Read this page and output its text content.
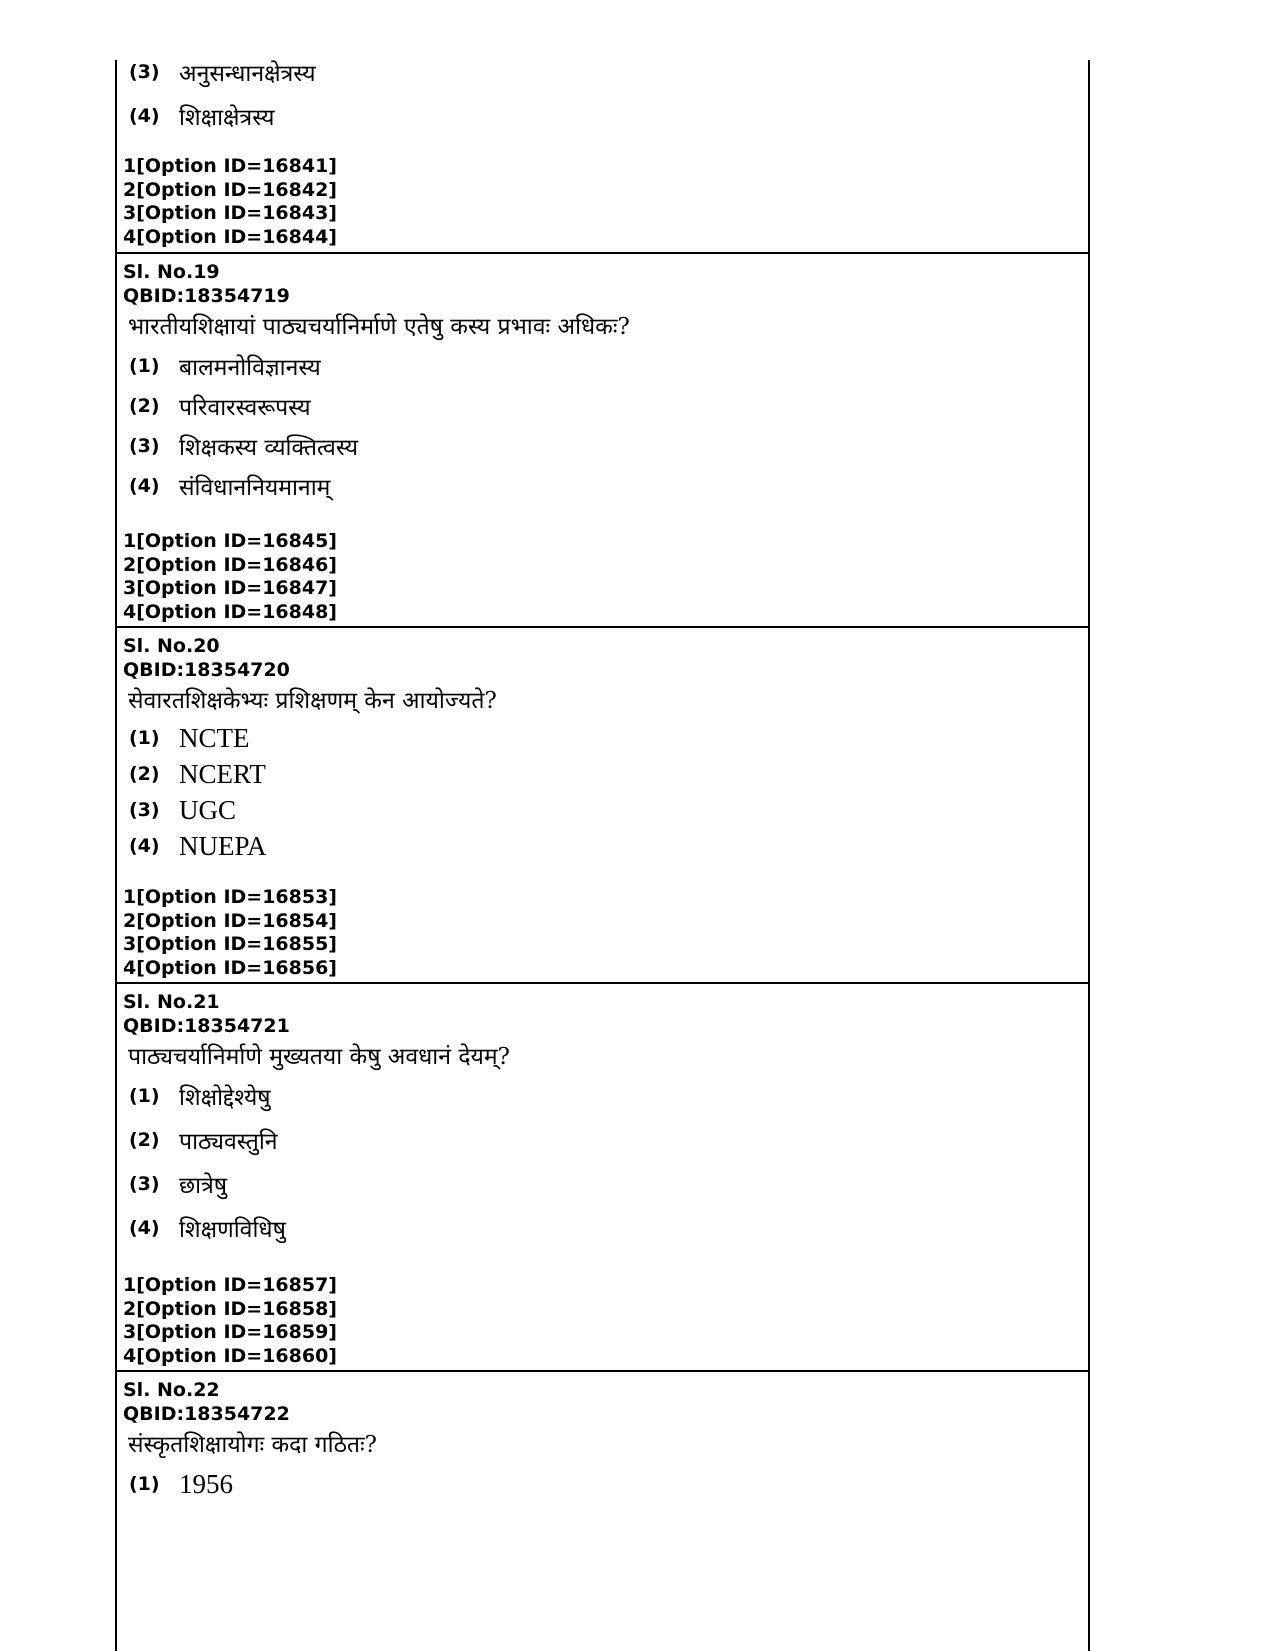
(3) अनुसन्धानक्षेत्रस्य
(4) शिक्षाक्षेत्रस्य
1[Option ID=16841]
2[Option ID=16842]
3[Option ID=16843]
4[Option ID=16844]
Sl. No.19
QBID:18354719
भारतीयशिक्षायां पाठ्यचर्यानिर्माणे एतेषु कस्य प्रभावः अधिकः?
(1) बालमनोविज्ञानस्य
(2) परिवारस्वरूपस्य
(3) शिक्षकस्य व्यक्तित्वस्य
(4) संविधाननियमानाम्
1[Option ID=16845]
2[Option ID=16846]
3[Option ID=16847]
4[Option ID=16848]
Sl. No.20
QBID:18354720
सेवारतशिक्षकेभ्यः प्रशिक्षणम् केन आयोज्यते?
(1) NCTE
(2) NCERT
(3) UGC
(4) NUEPA
1[Option ID=16853]
2[Option ID=16854]
3[Option ID=16855]
4[Option ID=16856]
Sl. No.21
QBID:18354721
पाठ्यचर्यानिर्माणे मुख्यतया केषु अवधानं देयम्?
(1) शिक्षोद्देश्येषु
(2) पाठ्यवस्तुनि
(3) छात्रेषु
(4) शिक्षणविधिषु
1[Option ID=16857]
2[Option ID=16858]
3[Option ID=16859]
4[Option ID=16860]
Sl. No.22
QBID:18354722
संस्कृतशिक्षायोगः कदा गठितः?
(1) 1956
